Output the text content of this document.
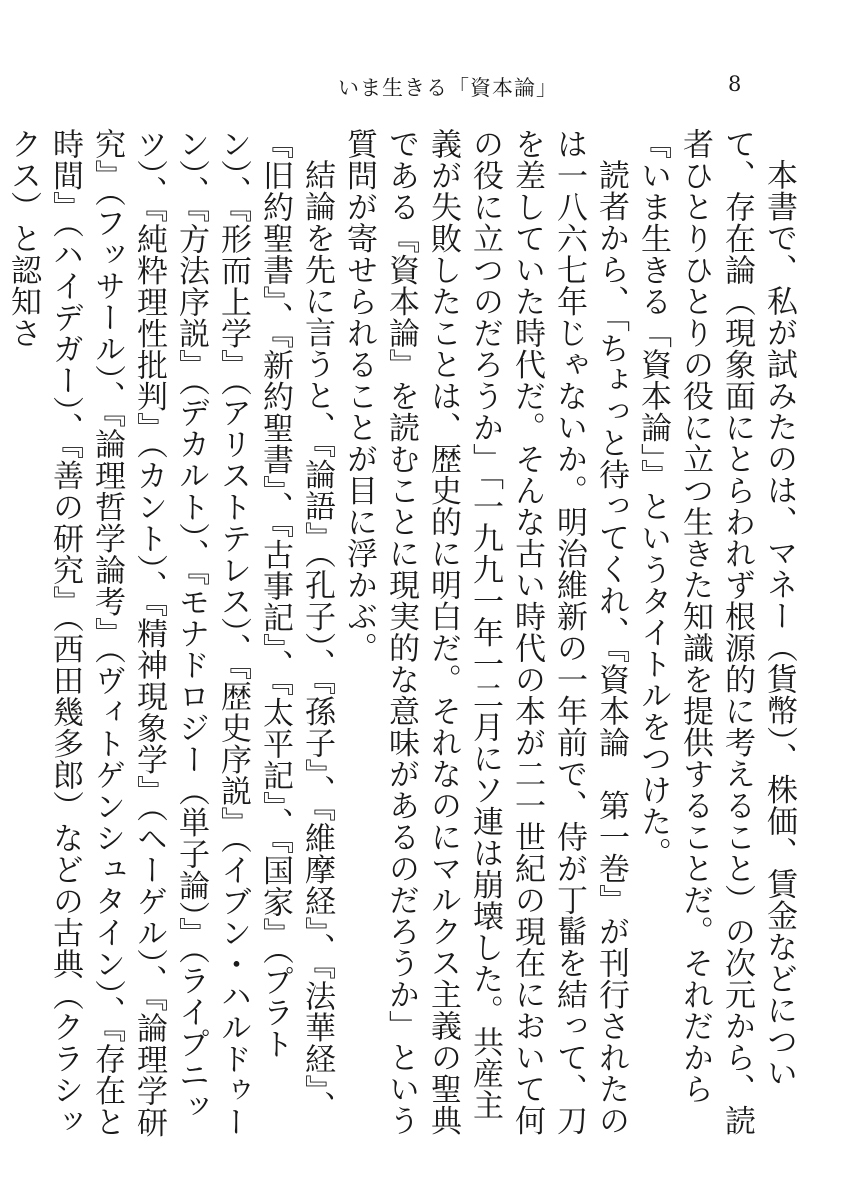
いま生きる「資本論」	8

本書で、私が試みたのは、マネー（貨幣）、株価、賃金などについて、存在論（現象面にとらわれず根源的に考えること）の次元から、読者ひとりひとりの役に立つ生きた知識を提供することだ。それだから『いま生きる「資本論」』というタイトルをつけた。

読者から、「ちょっと待ってくれ、『資本論　第一巻』が刊行されたのは一八六七年じゃないか。明治維新の一年前で、侍が丁髷を結って、刀を差していた時代だ。そんな古い時代の本が二一世紀の現在において何の役に立つのだろうか」「一九九一年一二月にソ連は崩壊した。共産主義が失敗したことは、歴史的に明白だ。それなのにマルクス主義の聖典である『資本論』を読むことに現実的な意味があるのだろうか」という質問が寄せられることが目に浮かぶ。

結論を先に言うと、『論語』（孔子）、『孫子』、『維摩経』、『法華経』、『旧約聖書』、『新約聖書』、『古事記』、『太平記』、『国家』（プラトン）、『形而上学』（アリストテレス）、『歴史序説』（イブン・ハルドゥーン）、『方法序説』（デカルト）、『モナドロジー（単子論）』（ライプニッツ）、『純粋理性批判』（カント）、『精神現象学』（ヘーゲル）、『論理学研究』（フッサール）、『論理哲学論考』（ヴィトゲンシュタイン）、『存在と時間』（ハイデガー）、『善の研究』（西田幾多郎）などの古典（クラシックス）と認知さ
